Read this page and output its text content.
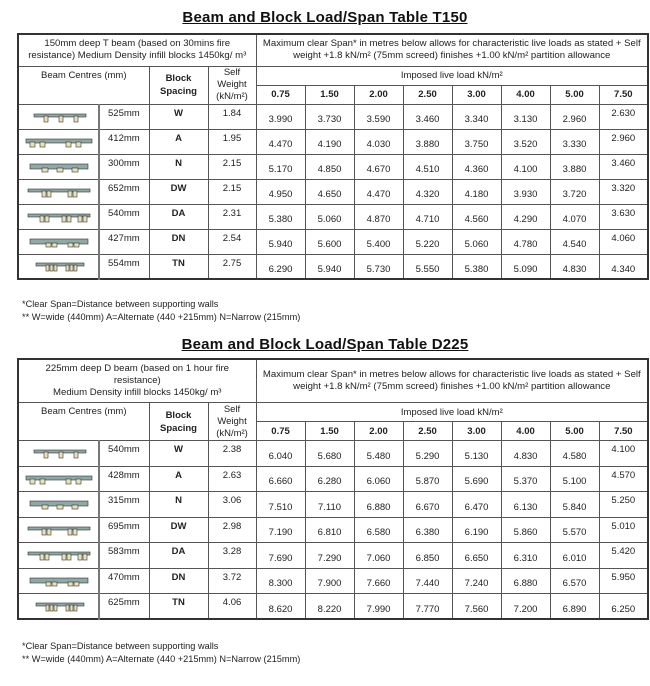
Beam and Block Load/Span Table T150
150mm deep T beam (based on 30mins fire
resistance) Medium Density infill blocks 1450kg/ m³

Maximum clear Span* in metres below allows for characteristic live loads as stated + Self
weight +1.8 kN/m² (75mm screed) finishes +1.00 kN/m² partition allowance

Beam Centres (mm)	Block
Spacing

Self
Weight
(kN/m²)
	Imposed live load kN/m²
				0.75	1.50	2.00	2.50	3.00	4.00	5.00	7.50

	525mm	W	1.84	3.990	3.730	3.590	3.460	3.340	3.130	2.960	2.630

	412mm	A	1.95	4.470	4.190	4.030	3.880	3.750	3.520	3.330	2.960

	300mm	N	2.15	5.170	4.850	4.670	4.510	4.360	4.100	3.880	3.460

	652mm	DW	2.15	4.950	4.650	4.470	4.320	4.180	3.930	3.720	3.320

	540mm	DA	2.31	5.380	5.060	4.870	4.710	4.560	4.290	4.070	3.630

	427mm	DN	2.54	5.940	5.600	5.400	5.220	5.060	4.780	4.540	4.060

	554mm	TN	2.75	6.290	5.940	5.730	5.550	5.380	5.090	4.830	4.340
*Clear Span=Distance between supporting walls
** W=wide (440mm) A=Alternate (440 +215mm) N=Narrow (215mm)
Beam and Block Load/Span Table D225
225mm deep D beam (based on 1 hour fire resistance)
Medium Density infill blocks 1450kg/ m³

Maximum clear Span* in metres below allows for characteristic live loads as stated + Self
weight +1.8 kN/m² (75mm screed) finishes +1.00 kN/m² partition allowance

Beam Centres (mm)	Block
Spacing

Self
Weight
(kN/m²)
	Imposed live load kN/m²
				0.75	1.50	2.00	2.50	3.00	4.00	5.00	7.50

	540mm	W	2.38	6.040	5.680	5.480	5.290	5.130	4.830	4.580	4.100

	428mm	A	2.63	6.660	6.280	6.060	5.870	5.690	5.370	5.100	4.570

	315mm	N	3.06	7.510	7.110	6.880	6.670	6.470	6.130	5.840	5.250

	695mm	DW	2.98	7.190	6.810	6.580	6.380	6.190	5.860	5.570	5.010

	583mm	DA	3.28	7.690	7.290	7.060	6.850	6.650	6.310	6.010	5.420

	470mm	DN	3.72	8.300	7.900	7.660	7.440	7.240	6.880	6.570	5.950

	625mm	TN	4.06	8.620	8.220	7.990	7.770	7.560	7.200	6.890	6.250
*Clear Span=Distance between supporting walls
** W=wide (440mm) A=Alternate (440 +215mm) N=Narrow (215mm)
